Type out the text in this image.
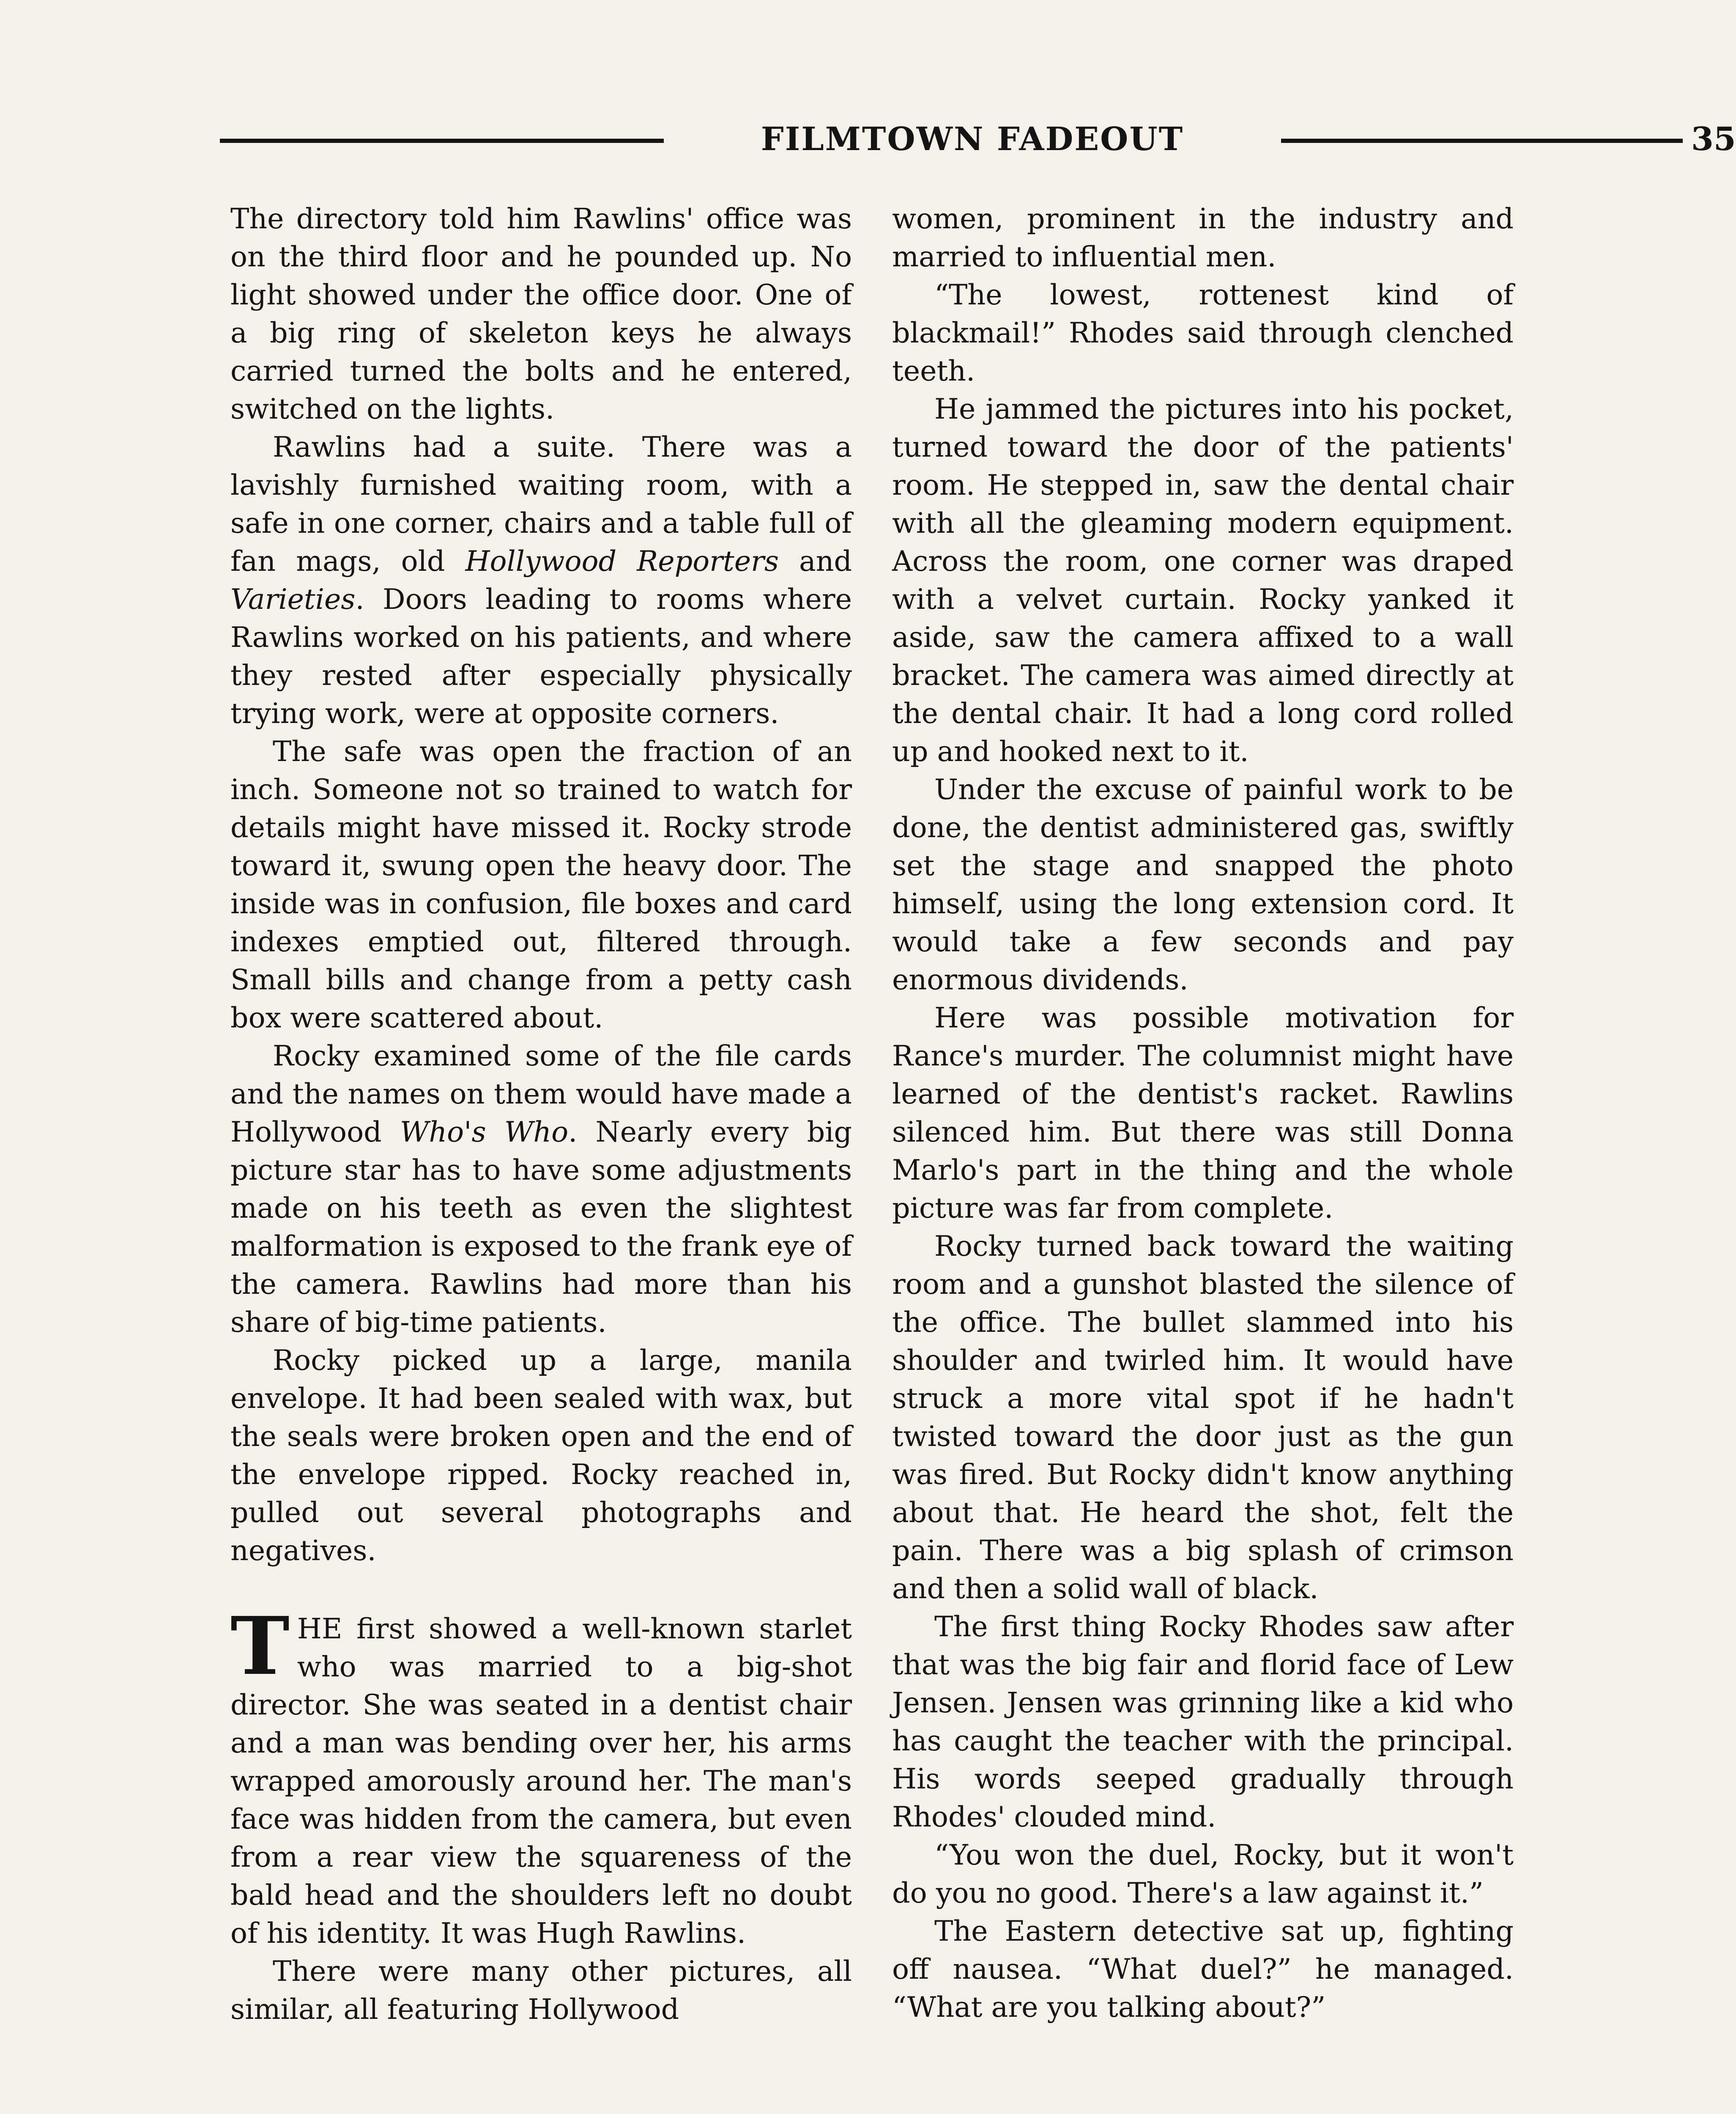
FILMTOWN FADEOUT	35

The directory told him Rawlins' office was on the third floor and he pounded up. No light showed under the office door. One of a big ring of skeleton keys he always carried turned the bolts and he entered, switched on the lights.

Rawlins had a suite. There was a lavishly furnished waiting room, with a safe in one corner, chairs and a table full of fan mags, old Hollywood Reporters and Varieties. Doors leading to rooms where Rawlins worked on his patients, and where they rested after especially physically trying work, were at opposite corners.

The safe was open the fraction of an inch. Someone not so trained to watch for details might have missed it. Rocky strode toward it, swung open the heavy door. The inside was in confusion, file boxes and card indexes emptied out, filtered through. Small bills and change from a petty cash box were scattered about.

Rocky examined some of the file cards and the names on them would have made a Hollywood Who's Who. Nearly every big picture star has to have some adjustments made on his teeth as even the slightest malformation is exposed to the frank eye of the camera. Rawlins had more than his share of big-time patients.

Rocky picked up a large, manila envelope. It had been sealed with wax, but the seals were broken open and the end of the envelope ripped. Rocky reached in, pulled out several photographs and negatives.

THE first showed a well-known starlet who was married to a big-shot director. She was seated in a dentist chair and a man was bending over her, his arms wrapped amorously around her. The man's face was hidden from the camera, but even from a rear view the squareness of the bald head and the shoulders left no doubt of his identity. It was Hugh Rawlins.

There were many other pictures, all similar, all featuring Hollywood

women, prominent in the industry and married to influential men.

“The lowest, rottenest kind of blackmail!” Rhodes said through clenched teeth.

He jammed the pictures into his pocket, turned toward the door of the patients' room. He stepped in, saw the dental chair with all the gleaming modern equipment. Across the room, one corner was draped with a velvet curtain. Rocky yanked it aside, saw the camera affixed to a wall bracket. The camera was aimed directly at the dental chair. It had a long cord rolled up and hooked next to it.

Under the excuse of painful work to be done, the dentist administered gas, swiftly set the stage and snapped the photo himself, using the long extension cord. It would take a few seconds and pay enormous dividends.

Here was possible motivation for Rance's murder. The columnist might have learned of the dentist's racket. Rawlins silenced him. But there was still Donna Marlo's part in the thing and the whole picture was far from complete.

Rocky turned back toward the waiting room and a gunshot blasted the silence of the office. The bullet slammed into his shoulder and twirled him. It would have struck a more vital spot if he hadn't twisted toward the door just as the gun was fired. But Rocky didn't know anything about that. He heard the shot, felt the pain. There was a big splash of crimson and then a solid wall of black.

The first thing Rocky Rhodes saw after that was the big fair and florid face of Lew Jensen. Jensen was grinning like a kid who has caught the teacher with the principal. His words seeped gradually through Rhodes' clouded mind.

“You won the duel, Rocky, but it won't do you no good. There's a law against it.”

The Eastern detective sat up, fighting off nausea. “What duel?” he managed. “What are you talking about?”
